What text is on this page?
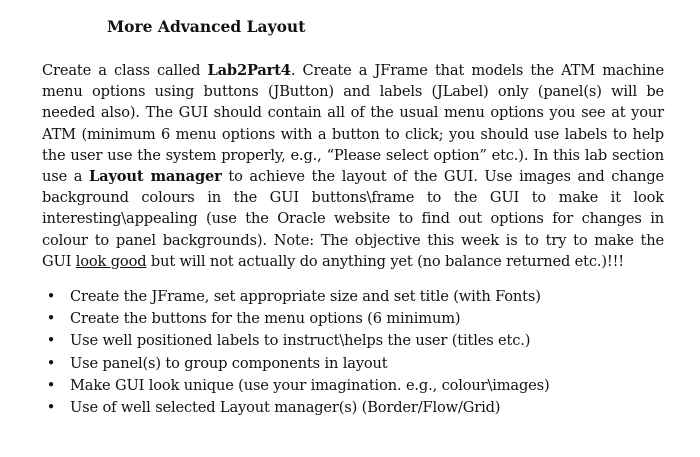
More Advanced Layout

Create a class called Lab2Part4. Create a JFrame that models the ATM machine menu options using buttons (JButton) and labels (JLabel) only (panel(s) will be needed also). The GUI should contain all of the usual menu options you see at your ATM (minimum 6 menu options with a button to click; you should use labels to help the user use the system properly, e.g., “Please select option” etc.). In this lab section use a Layout manager to achieve the layout of the GUI. Use images and change background colours in the GUI buttons\frame to the GUI to make it look interesting\appealing (use the Oracle website to find out options for changes in colour to panel backgrounds). Note: The objective this week is to try to make the GUI look good but will not actually do anything yet (no balance returned etc.)!!!

•	Create the JFrame, set appropriate size and set title (with Fonts)
•	Create the buttons for the menu options (6 minimum)
•	Use well positioned labels to instruct\helps the user (titles etc.)
•	Use panel(s) to group components in layout
•	Make GUI look unique (use your imagination. e.g., colour\images)
•	Use of well selected Layout manager(s) (Border/Flow/Grid)
